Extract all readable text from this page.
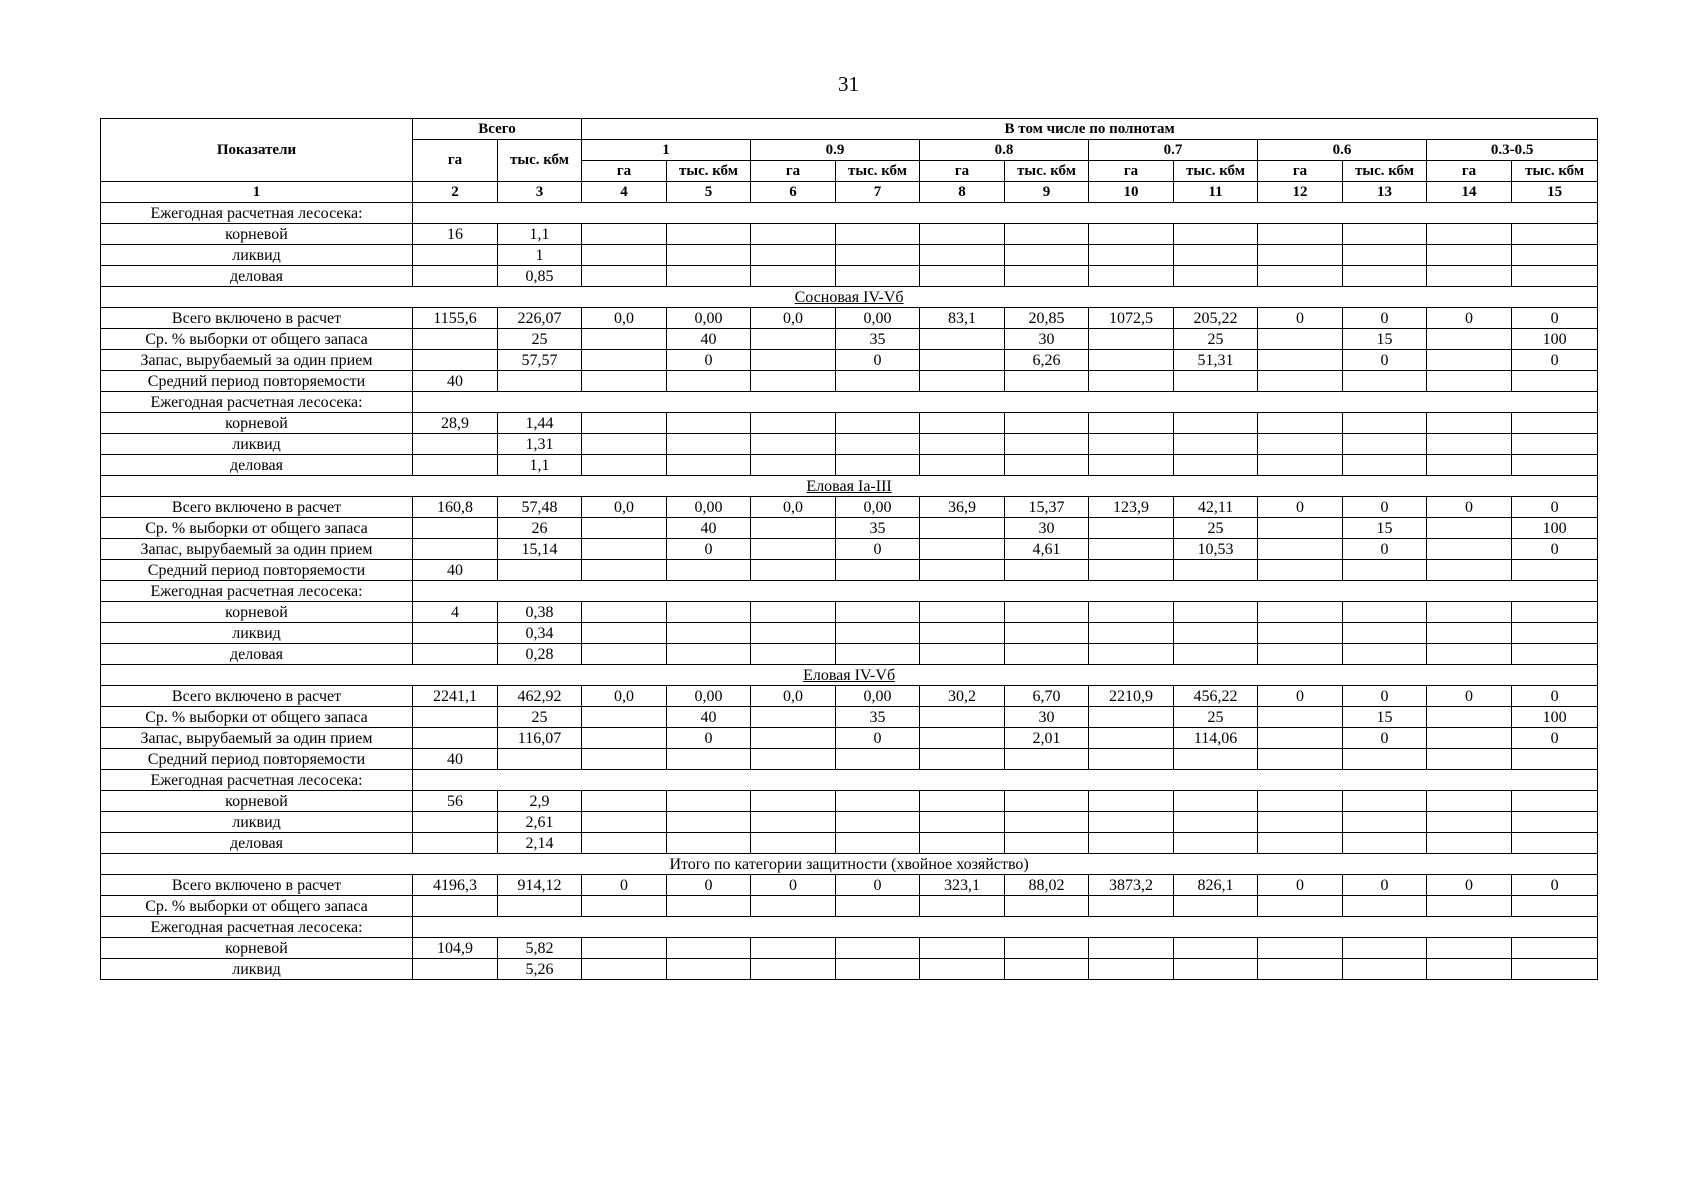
31
Показатели	Всего		В том числе по полнотам											
	га	тыс. кбм	1		0.9		0.8		0.7		0.6		0.3-0.5	
			га	тыс. кбм	га	тыс. кбм	га	тыс. кбм	га	тыс. кбм	га	тыс. кбм	га	тыс. кбм
1	2	3	4	5	6	7	8	9	10	11	12	13	14	15
Ежегодная расчетная лесосека:														
корневой	16	1,1												
ликвид		1												
деловая		0,85												
Сосновая IV-Vб														
Всего включено в расчет	1155,6	226,07	0,0	0,00	0,0	0,00	83,1	20,85	1072,5	205,22	0	0	0	0
Ср. % выборки от общего запаса		25		40		35		30		25		15		100
Запас, вырубаемый за один прием		57,57		0		0		6,26		51,31		0		0
Средний период повторяемости	40													
Ежегодная расчетная лесосека:														
корневой	28,9	1,44												
ликвид		1,31												
деловая		1,1												
Еловая Iа-III														
Всего включено в расчет	160,8	57,48	0,0	0,00	0,0	0,00	36,9	15,37	123,9	42,11	0	0	0	0
Ср. % выборки от общего запаса		26		40		35		30		25		15		100
Запас, вырубаемый за один прием		15,14		0		0		4,61		10,53		0		0
Средний период повторяемости	40													
Ежегодная расчетная лесосека:														
корневой	4	0,38												
ликвид		0,34												
деловая		0,28												
Еловая IV-Vб														
Всего включено в расчет	2241,1	462,92	0,0	0,00	0,0	0,00	30,2	6,70	2210,9	456,22	0	0	0	0
Ср. % выборки от общего запаса		25		40		35		30		25		15		100
Запас, вырубаемый за один прием		116,07		0		0		2,01		114,06		0		0
Средний период повторяемости	40													
Ежегодная расчетная лесосека:														
корневой	56	2,9												
ликвид		2,61												
деловая		2,14												
Итого по категории защитности (хвойное хозяйство)														
Всего включено в расчет	4196,3	914,12	0	0	0	0	323,1	88,02	3873,2	826,1	0	0	0	0
Ср. % выборки от общего запаса														
Ежегодная расчетная лесосека:														
корневой	104,9	5,82												
ликвид		5,26												
